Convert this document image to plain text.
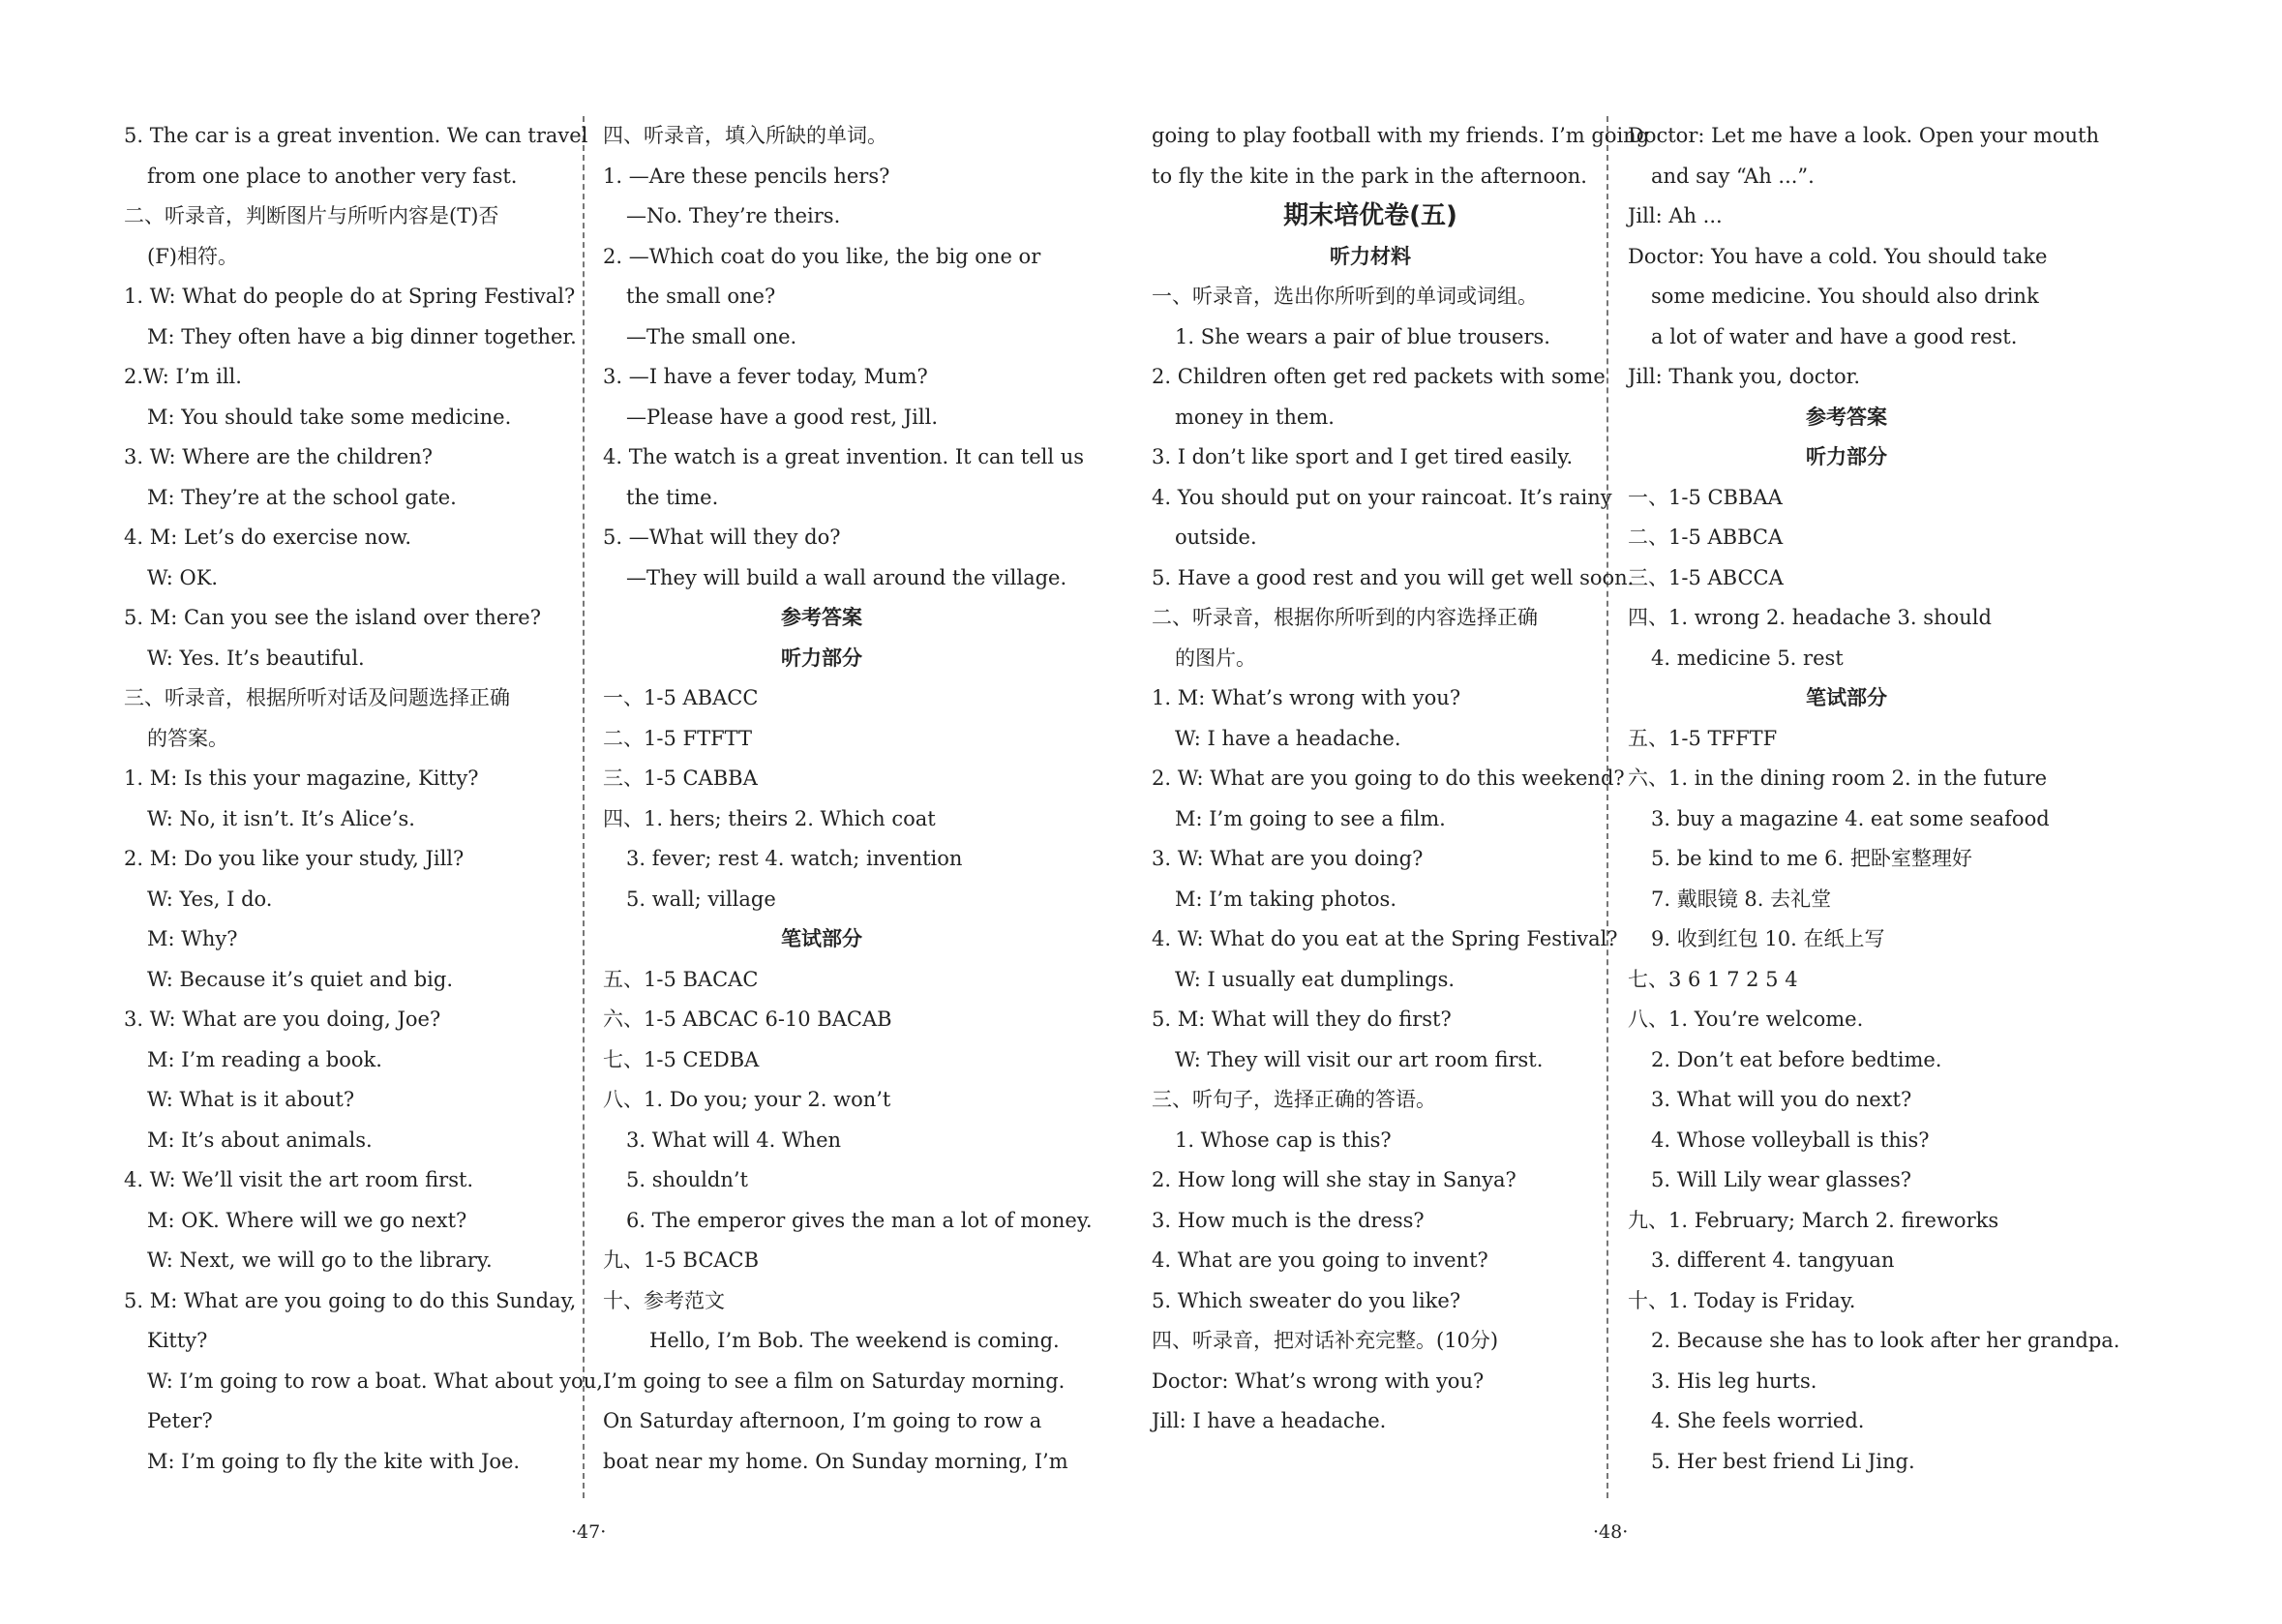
5. The car is a great invention. We can travel
from one place to another very fast.
二、听录音，判断图片与所听内容是(T)否
(F)相符。
1. W: What do people do at Spring Festival?
M: They often have a big dinner together.
2.W: I’m ill.
M: You should take some medicine.
3. W: Where are the children?
M: They’re at the school gate.
4. M: Let’s do exercise now.
W: OK.
5. M: Can you see the island over there?
W: Yes. It’s beautiful.
三、听录音，根据所听对话及问题选择正确
的答案。
1. M: Is this your magazine, Kitty?
W: No, it isn’t. It’s Alice’s.
2. M: Do you like your study, Jill?
W: Yes, I do.
M: Why?
W: Because it’s quiet and big.
3. W: What are you doing, Joe?
M: I’m reading a book.
W: What is it about?
M: It’s about animals.
4. W: We’ll visit the art room first.
M: OK. Where will we go next?
W: Next, we will go to the library.
5. M: What are you going to do this Sunday,
Kitty?
W: I’m going to row a boat. What about you,
Peter?
M: I’m going to fly the kite with Joe.
四、听录音，填入所缺的单词。
1. —Are these pencils hers?
—No. They’re theirs.
2. —Which coat do you like, the big one or
the small one?
—The small one.
3. —I have a fever today, Mum?
—Please have a good rest, Jill.
4. The watch is a great invention. It can tell us
the time.
5. —What will they do?
—They will build a wall around the village.
参考答案
听力部分
一、1-5 ABACC
二、1-5 FTFTT
三、1-5 CABBA
四、1. hers; theirs 2. Which coat
3. fever; rest 4. watch; invention
5. wall; village
笔试部分
五、1-5 BACAC
六、1-5 ABCAC 6-10 BACAB
七、1-5 CEDBA
八、1. Do you; your 2. won’t
3. What will 4. When
5. shouldn’t
6. The emperor gives the man a lot of money.
九、1-5 BCACB
十、参考范文
Hello, I’m Bob. The weekend is coming.
I’m going to see a film on Saturday morning.
On Saturday afternoon, I’m going to row a
boat near my home. On Sunday morning, I’m
going to play football with my friends. I’m going
to fly the kite in the park in the afternoon.
期末培优卷(五)
听力材料
一、听录音，选出你所听到的单词或词组。
1. She wears a pair of blue trousers.
2. Children often get red packets with some
money in them.
3. I don’t like sport and I get tired easily.
4. You should put on your raincoat. It’s rainy
outside.
5. Have a good rest and you will get well soon.
二、听录音，根据你所听到的内容选择正确
的图片。
1. M: What’s wrong with you?
W: I have a headache.
2. W: What are you going to do this weekend?
M: I’m going to see a film.
3. W: What are you doing?
M: I’m taking photos.
4. W: What do you eat at the Spring Festival?
W: I usually eat dumplings.
5. M: What will they do first?
W: They will visit our art room first.
三、听句子，选择正确的答语。
1. Whose cap is this?
2. How long will she stay in Sanya?
3. How much is the dress?
4. What are you going to invent?
5. Which sweater do you like?
四、听录音，把对话补充完整。(10分)
Doctor: What’s wrong with you?
Jill: I have a headache.
Doctor: Let me have a look. Open your mouth
and say “Ah ...”.
Jill: Ah ...
Doctor: You have a cold. You should take
some medicine. You should also drink
a lot of water and have a good rest.
Jill: Thank you, doctor.
参考答案
听力部分
一、1-5 CBBAA
二、1-5 ABBCA
三、1-5 ABCCA
四、1. wrong 2. headache 3. should
4. medicine 5. rest
笔试部分
五、1-5 TFFTF
六、1. in the dining room 2. in the future
3. buy a magazine 4. eat some seafood
5. be kind to me 6. 把卧室整理好
7. 戴眼镜 8. 去礼堂
9. 收到红包 10. 在纸上写
七、3 6 1 7 2 5 4
八、1. You’re welcome.
2. Don’t eat before bedtime.
3. What will you do next?
4. Whose volleyball is this?
5. Will Lily wear glasses?
九、1. February; March 2. fireworks
3. different 4. tangyuan
十、1. Today is Friday.
2. Because she has to look after her grandpa.
3. His leg hurts.
4. She feels worried.
5. Her best friend Li Jing.
·47·	·48·
